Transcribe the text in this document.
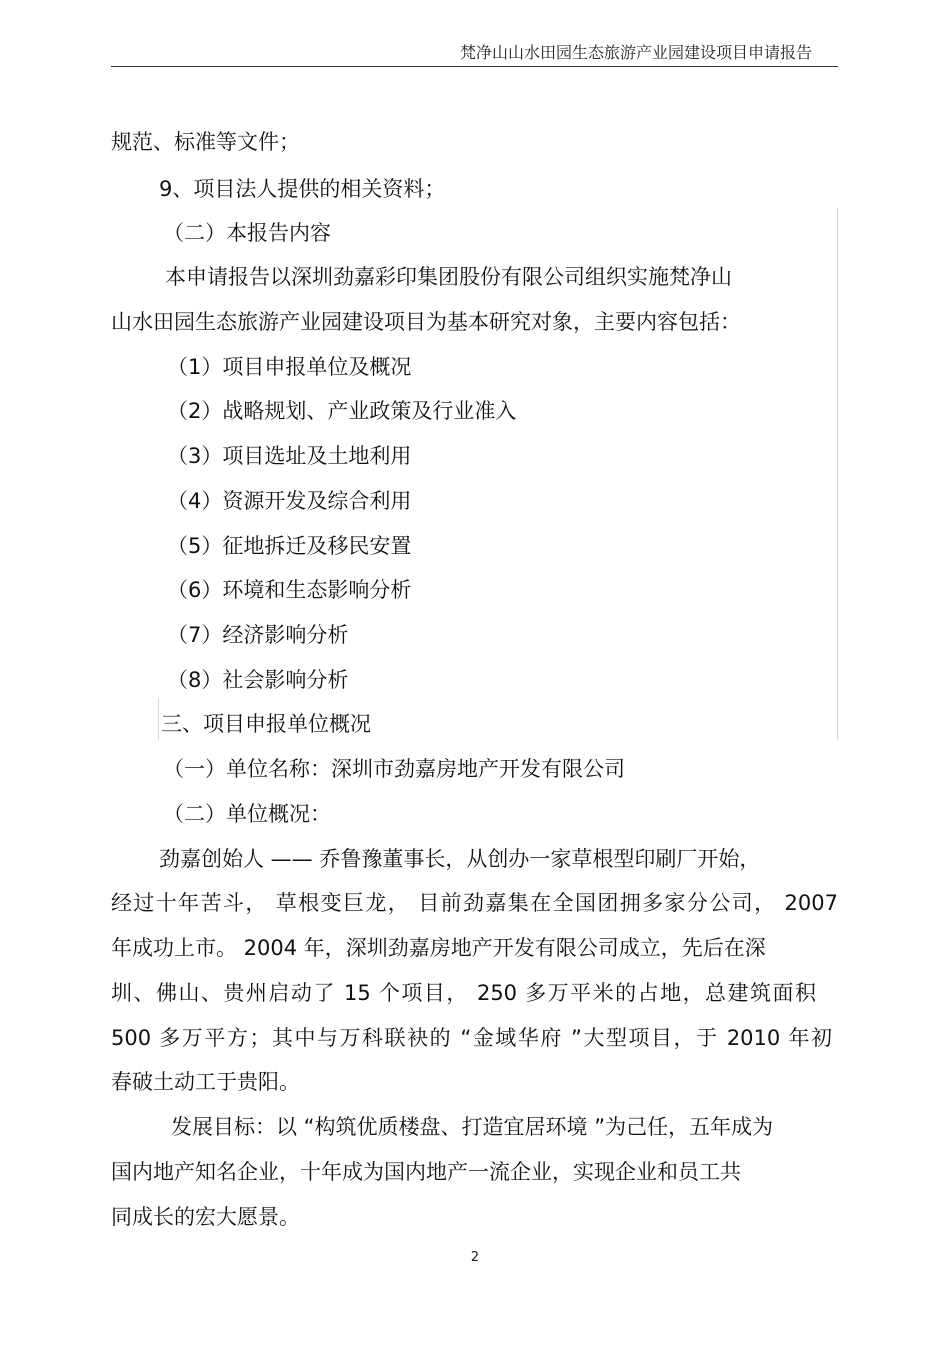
梵净山山水田园生态旅游产业园建设项目申请报告
规范、标准等文件；
9、项目法人提供的相关资料；
（二）本报告内容
本申请报告以深圳劲嘉彩印集团股份有限公司组织实施梵净山
山水田园生态旅游产业园建设项目为基本研究对象，主要内容包括：
（1）项目申报单位及概况
（2）战略规划、产业政策及行业准入
（3）项目选址及土地利用
（4）资源开发及综合利用
（5）征地拆迁及移民安置
（6）环境和生态影响分析
（7）经济影响分析
（8）社会影响分析
三、项目申报单位概况
（一）单位名称：深圳市劲嘉房地产开发有限公司
（二）单位概况：
劲嘉创始人 —— 乔鲁豫董事长，从创办一家草根型印刷厂开始，
经过十年苦斗， 草根变巨龙， 目前劲嘉集在全国团拥多家分公司， 2007
年成功上市。 2004 年，深圳劲嘉房地产开发有限公司成立，先后在深
圳、佛山、贵州启动了 15 个项目， 250 多万平米的占地，总建筑面积
500 多万平方；其中与万科联袂的 “金域华府 ”大型项目，于 2010 年初
春破土动工于贵阳。
发展目标：以 “构筑优质楼盘、打造宜居环境 ”为己任，五年成为
国内地产知名企业，十年成为国内地产一流企业，实现企业和员工共
同成长的宏大愿景。
2
